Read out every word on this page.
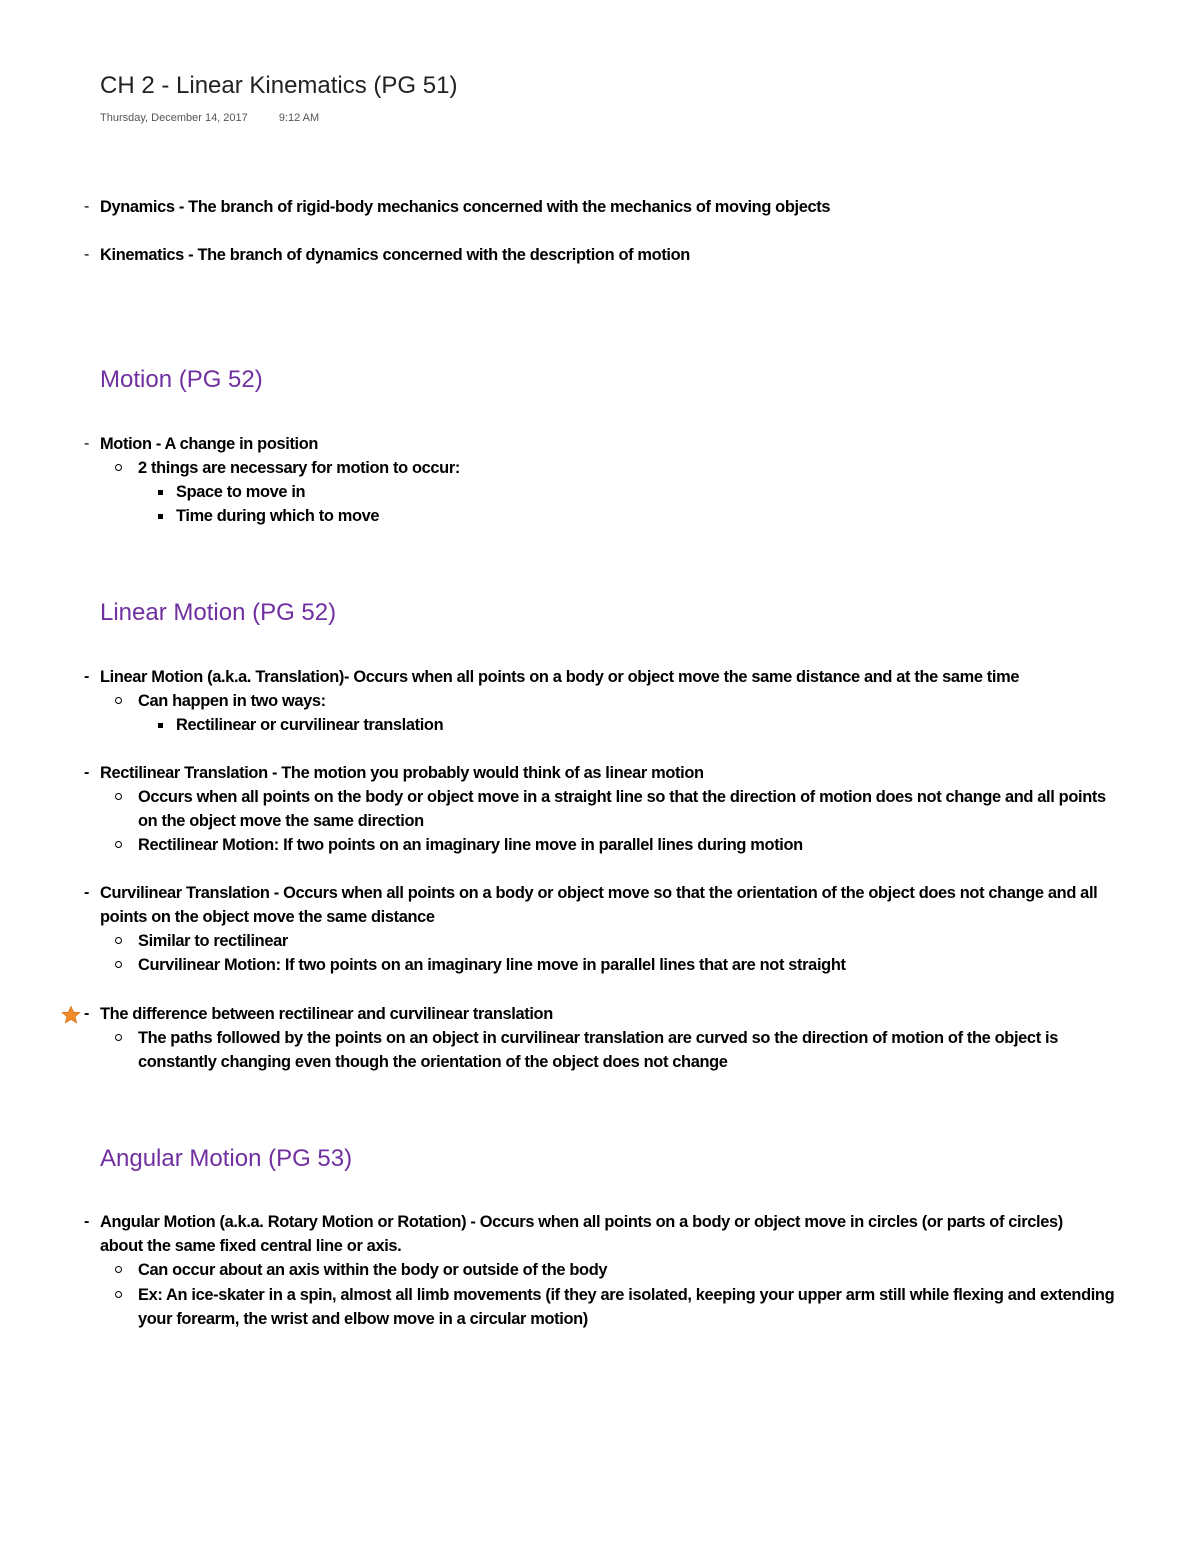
CH 2 - Linear Kinematics (PG 51)
Thursday, December 14, 2017	9:12 AM
- Dynamics - The branch of rigid-body mechanics concerned with the mechanics of moving objects
- Kinematics - The branch of dynamics concerned with the description of motion
Motion (PG 52)
- Motion - A change in position
2 things are necessary for motion to occur:
Space to move in
Time during which to move
Linear Motion (PG 52)
- Linear Motion (a.k.a. Translation)- Occurs when all points on a body or object move the same distance and at the same time
Can happen in two ways:
Rectilinear or curvilinear translation
- Rectilinear Translation - The motion you probably would think of as linear motion
Occurs when all points on the body or object move in a straight line so that the direction of motion does not change and all points
on the object move the same direction
Rectilinear Motion: If two points on an imaginary line move in parallel lines during motion
- Curvilinear Translation - Occurs when all points on a body or object move so that the orientation of the object does not change and all
points on the object move the same distance
Similar to rectilinear
Curvilinear Motion: If two points on an imaginary line move in parallel lines that are not straight
- The difference between rectilinear and curvilinear translation
The paths followed by the points on an object in curvilinear translation are curved so the direction of motion of the object is
constantly changing even though the orientation of the object does not change
Angular Motion (PG 53)
- Angular Motion (a.k.a. Rotary Motion or Rotation) - Occurs when all points on a body or object move in circles (or parts of circles)
about the same fixed central line or axis.
Can occur about an axis within the body or outside of the body
Ex: An ice-skater in a spin, almost all limb movements (if they are isolated, keeping your upper arm still while flexing and extending
your forearm, the wrist and elbow move in a circular motion)
